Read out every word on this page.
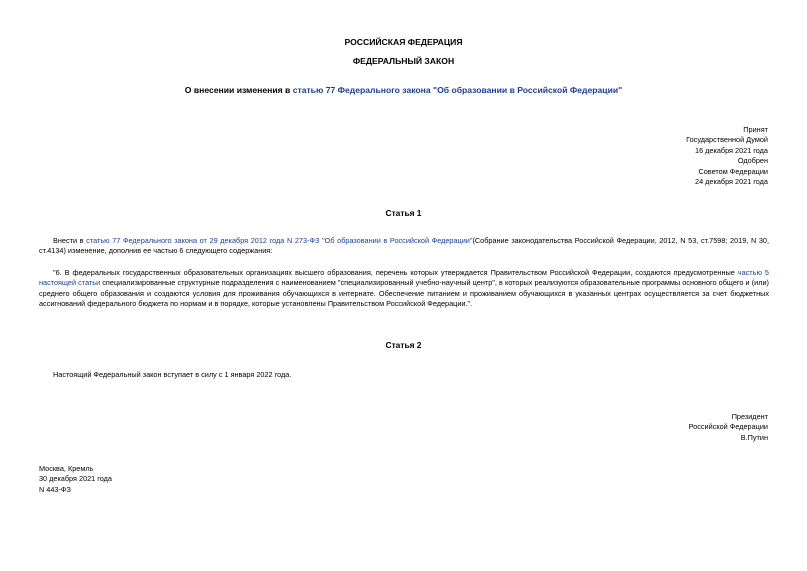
РОССИЙСКАЯ ФЕДЕРАЦИЯ
ФЕДЕРАЛЬНЫЙ ЗАКОН
О внесении изменения в статью 77 Федерального закона "Об образовании в Российской Федерации"
Принят
Государственной Думой
16 декабря 2021 года
Одобрен
Советом Федерации
24 декабря 2021 года
Статья 1
Внести в статью 77 Федерального закона от 29 декабря 2012 года N 273-ФЗ "Об образовании в Российской Федерации"(Собрание законодательства Российской Федерации, 2012, N 53, ст.7598; 2019, N 30, ст.4134) изменение, дополнив ее частью 6 следующего содержания:
"6. В федеральных государственных образовательных организациях высшего образования, перечень которых утверждается Правительством Российской Федерации, создаются предусмотренные частью 5 настоящей статьи специализированные структурные подразделения с наименованием "специализированный учебно-научный центр", в которых реализуются образовательные программы основного общего и (или) среднего общего образования и создаются условия для проживания обучающихся в интернате. Обеспечение питанием и проживанием обучающихся в указанных центрах осуществляется за счет бюджетных ассигнований федерального бюджета по нормам и в порядке, которые установлены Правительством Российской Федерации.".
Статья 2
Настоящий Федеральный закон вступает в силу с 1 января 2022 года.
Президент
Российской Федерации
В.Путин
Москва, Кремль
30 декабря 2021 года
N 443-ФЗ
